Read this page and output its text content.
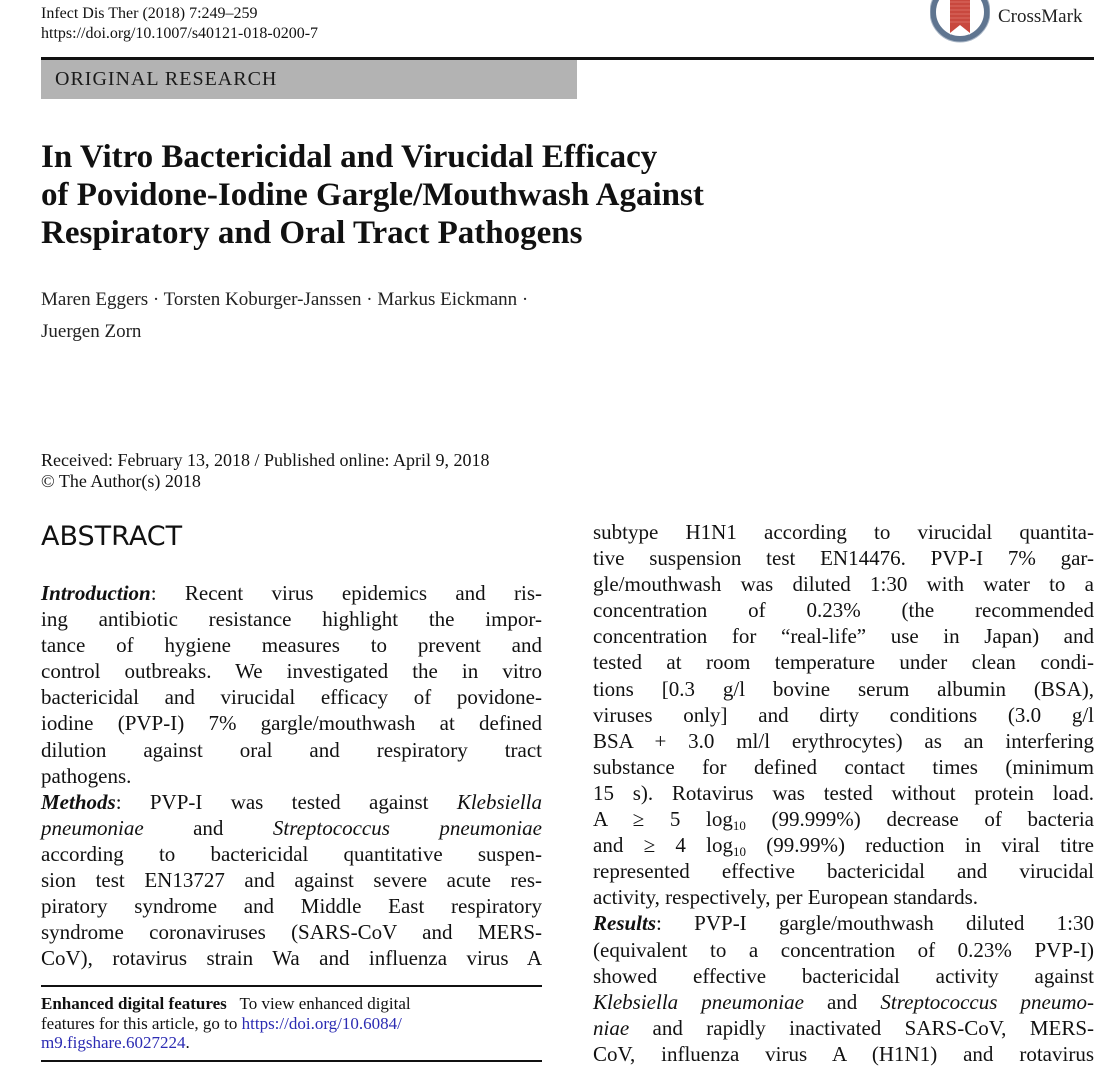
Infect Dis Ther (2018) 7:249–259
https://doi.org/10.1007/s40121-018-0200-7
CrossMark
ORIGINAL RESEARCH
In Vitro Bactericidal and Virucidal Efficacy
of Povidone-Iodine Gargle/Mouthwash Against
Respiratory and Oral Tract Pathogens
Maren Eggers · Torsten Koburger-Janssen · Markus Eickmann ·
Juergen Zorn
Received: February 13, 2018 / Published online: April 9, 2018
© The Author(s) 2018
ABSTRACT
Introduction: Recent virus epidemics and ris-
ing antibiotic resistance highlight the impor-
tance of hygiene measures to prevent and
control outbreaks. We investigated the in vitro
bactericidal and virucidal efficacy of povidone-
iodine (PVP-I) 7% gargle/mouthwash at defined
dilution against oral and respiratory tract
pathogens.
Methods: PVP-I was tested against Klebsiella
pneumoniae and Streptococcus pneumoniae
according to bactericidal quantitative suspen-
sion test EN13727 and against severe acute res-
piratory syndrome and Middle East respiratory
syndrome coronaviruses (SARS-CoV and MERS-
CoV), rotavirus strain Wa and influenza virus A
Enhanced digital features To view enhanced digital
features for this article, go to https://doi.org/10.6084/
m9.figshare.6027224.
subtype H1N1 according to virucidal quantita-
tive suspension test EN14476. PVP-I 7% gar-
gle/mouthwash was diluted 1:30 with water to a
concentration of 0.23% (the recommended
concentration for “real-life” use in Japan) and
tested at room temperature under clean condi-
tions [0.3 g/l bovine serum albumin (BSA),
viruses only] and dirty conditions (3.0 g/l
BSA + 3.0 ml/l erythrocytes) as an interfering
substance for defined contact times (minimum
15 s). Rotavirus was tested without protein load.
A ≥ 5 $\log_{10} (99.999\%)$ decrease of bacteria
and ≥ 4 $\log_{10} (99.99\%)$ reduction in viral titre
represented effective bactericidal and virucidal
activity, respectively, per European standards.
Results: PVP-I gargle/mouthwash diluted 1:30
(equivalent to a concentration of 0.23% PVP-I)
showed effective bactericidal activity against
Klebsiella pneumoniae and Streptococcus pneumo-
niae and rapidly inactivated SARS-CoV, MERS-
CoV, influenza virus A (H1N1) and rotavirus
